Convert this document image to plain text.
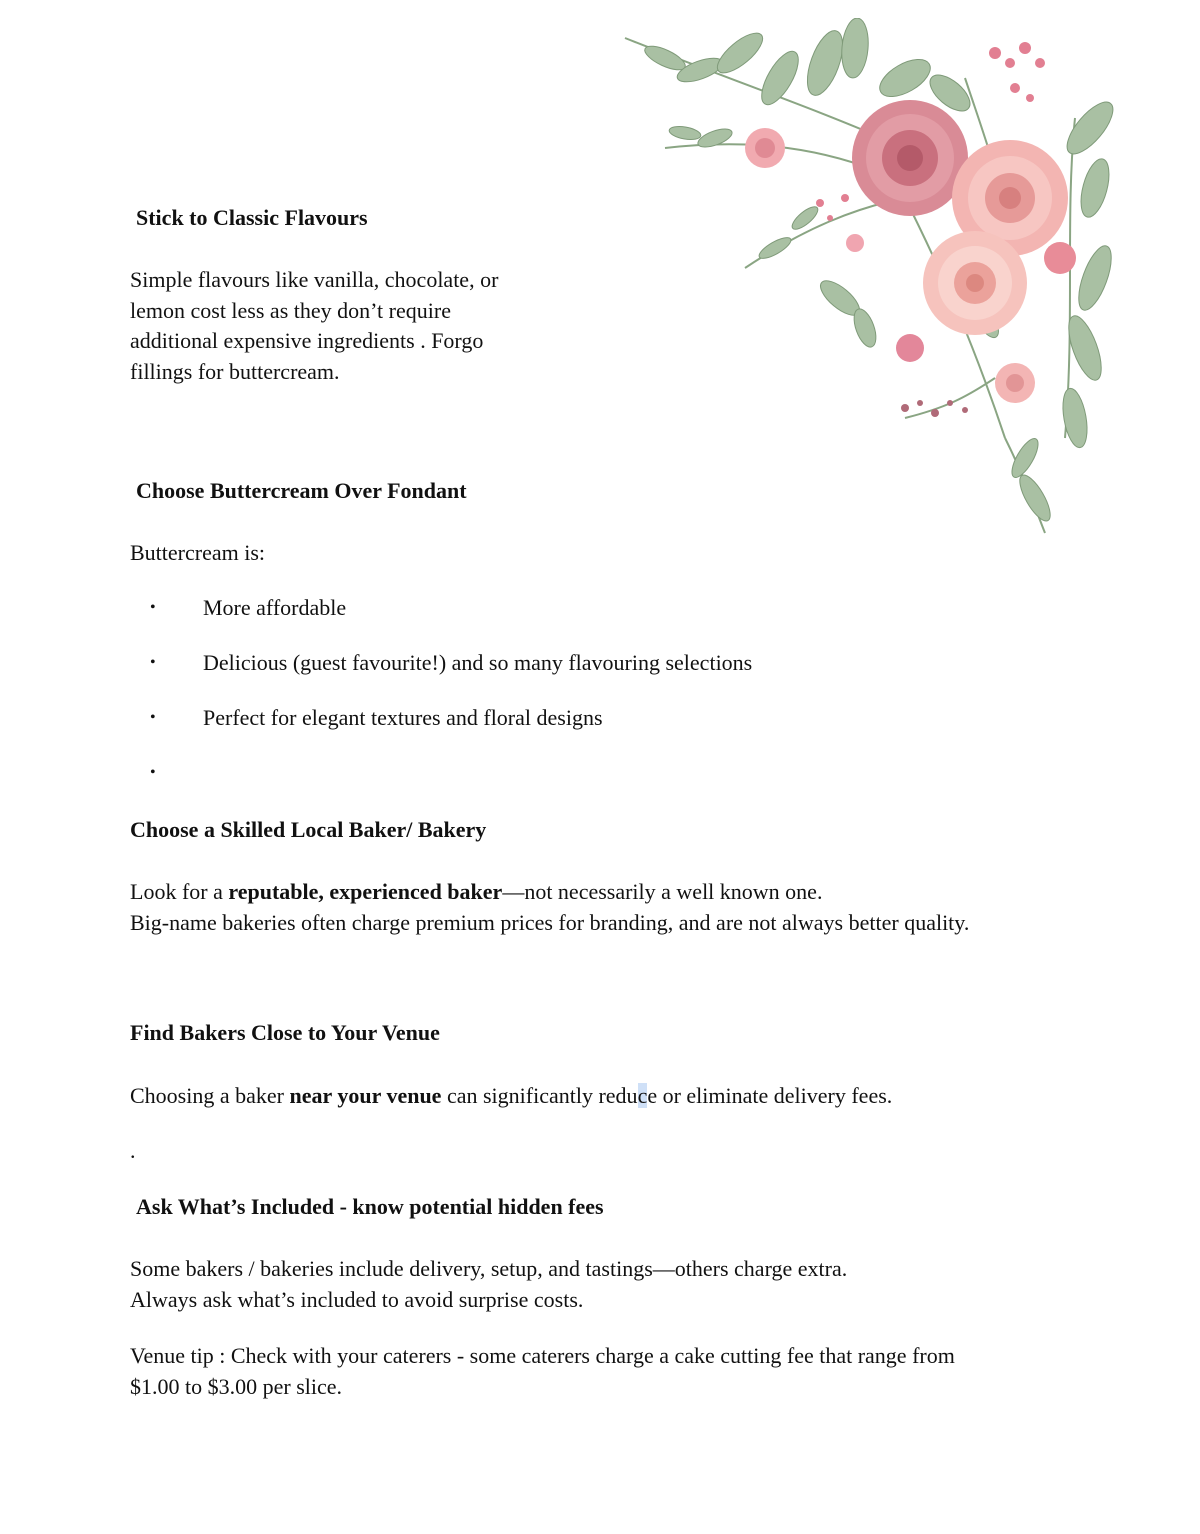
Stick to Classic Flavours
Simple flavours like vanilla, chocolate, or
lemon cost less as they don’t require
additional expensive ingredients . Forgo
fillings for buttercream.
Choose Buttercream Over Fondant
Buttercream is:
• More affordable
• Delicious (guest favourite!) and so many flavouring selections
• Perfect for elegant textures and floral designs
•
Choose a Skilled Local Baker/ Bakery
Look for a reputable, experienced baker—not necessarily a well known one.
Big-name bakeries often charge premium prices for branding, and are not always better quality.
Find Bakers Close to Your Venue
Choosing a baker near your venue can significantly reduce or eliminate delivery fees.
.
Ask What’s Included - know potential hidden fees
Some bakers / bakeries include delivery, setup, and tastings—others charge extra.
Always ask what’s included to avoid surprise costs.
Venue tip : Check with your caterers - some caterers charge a cake cutting fee that range from
$1.00 to $3.00 per slice.
